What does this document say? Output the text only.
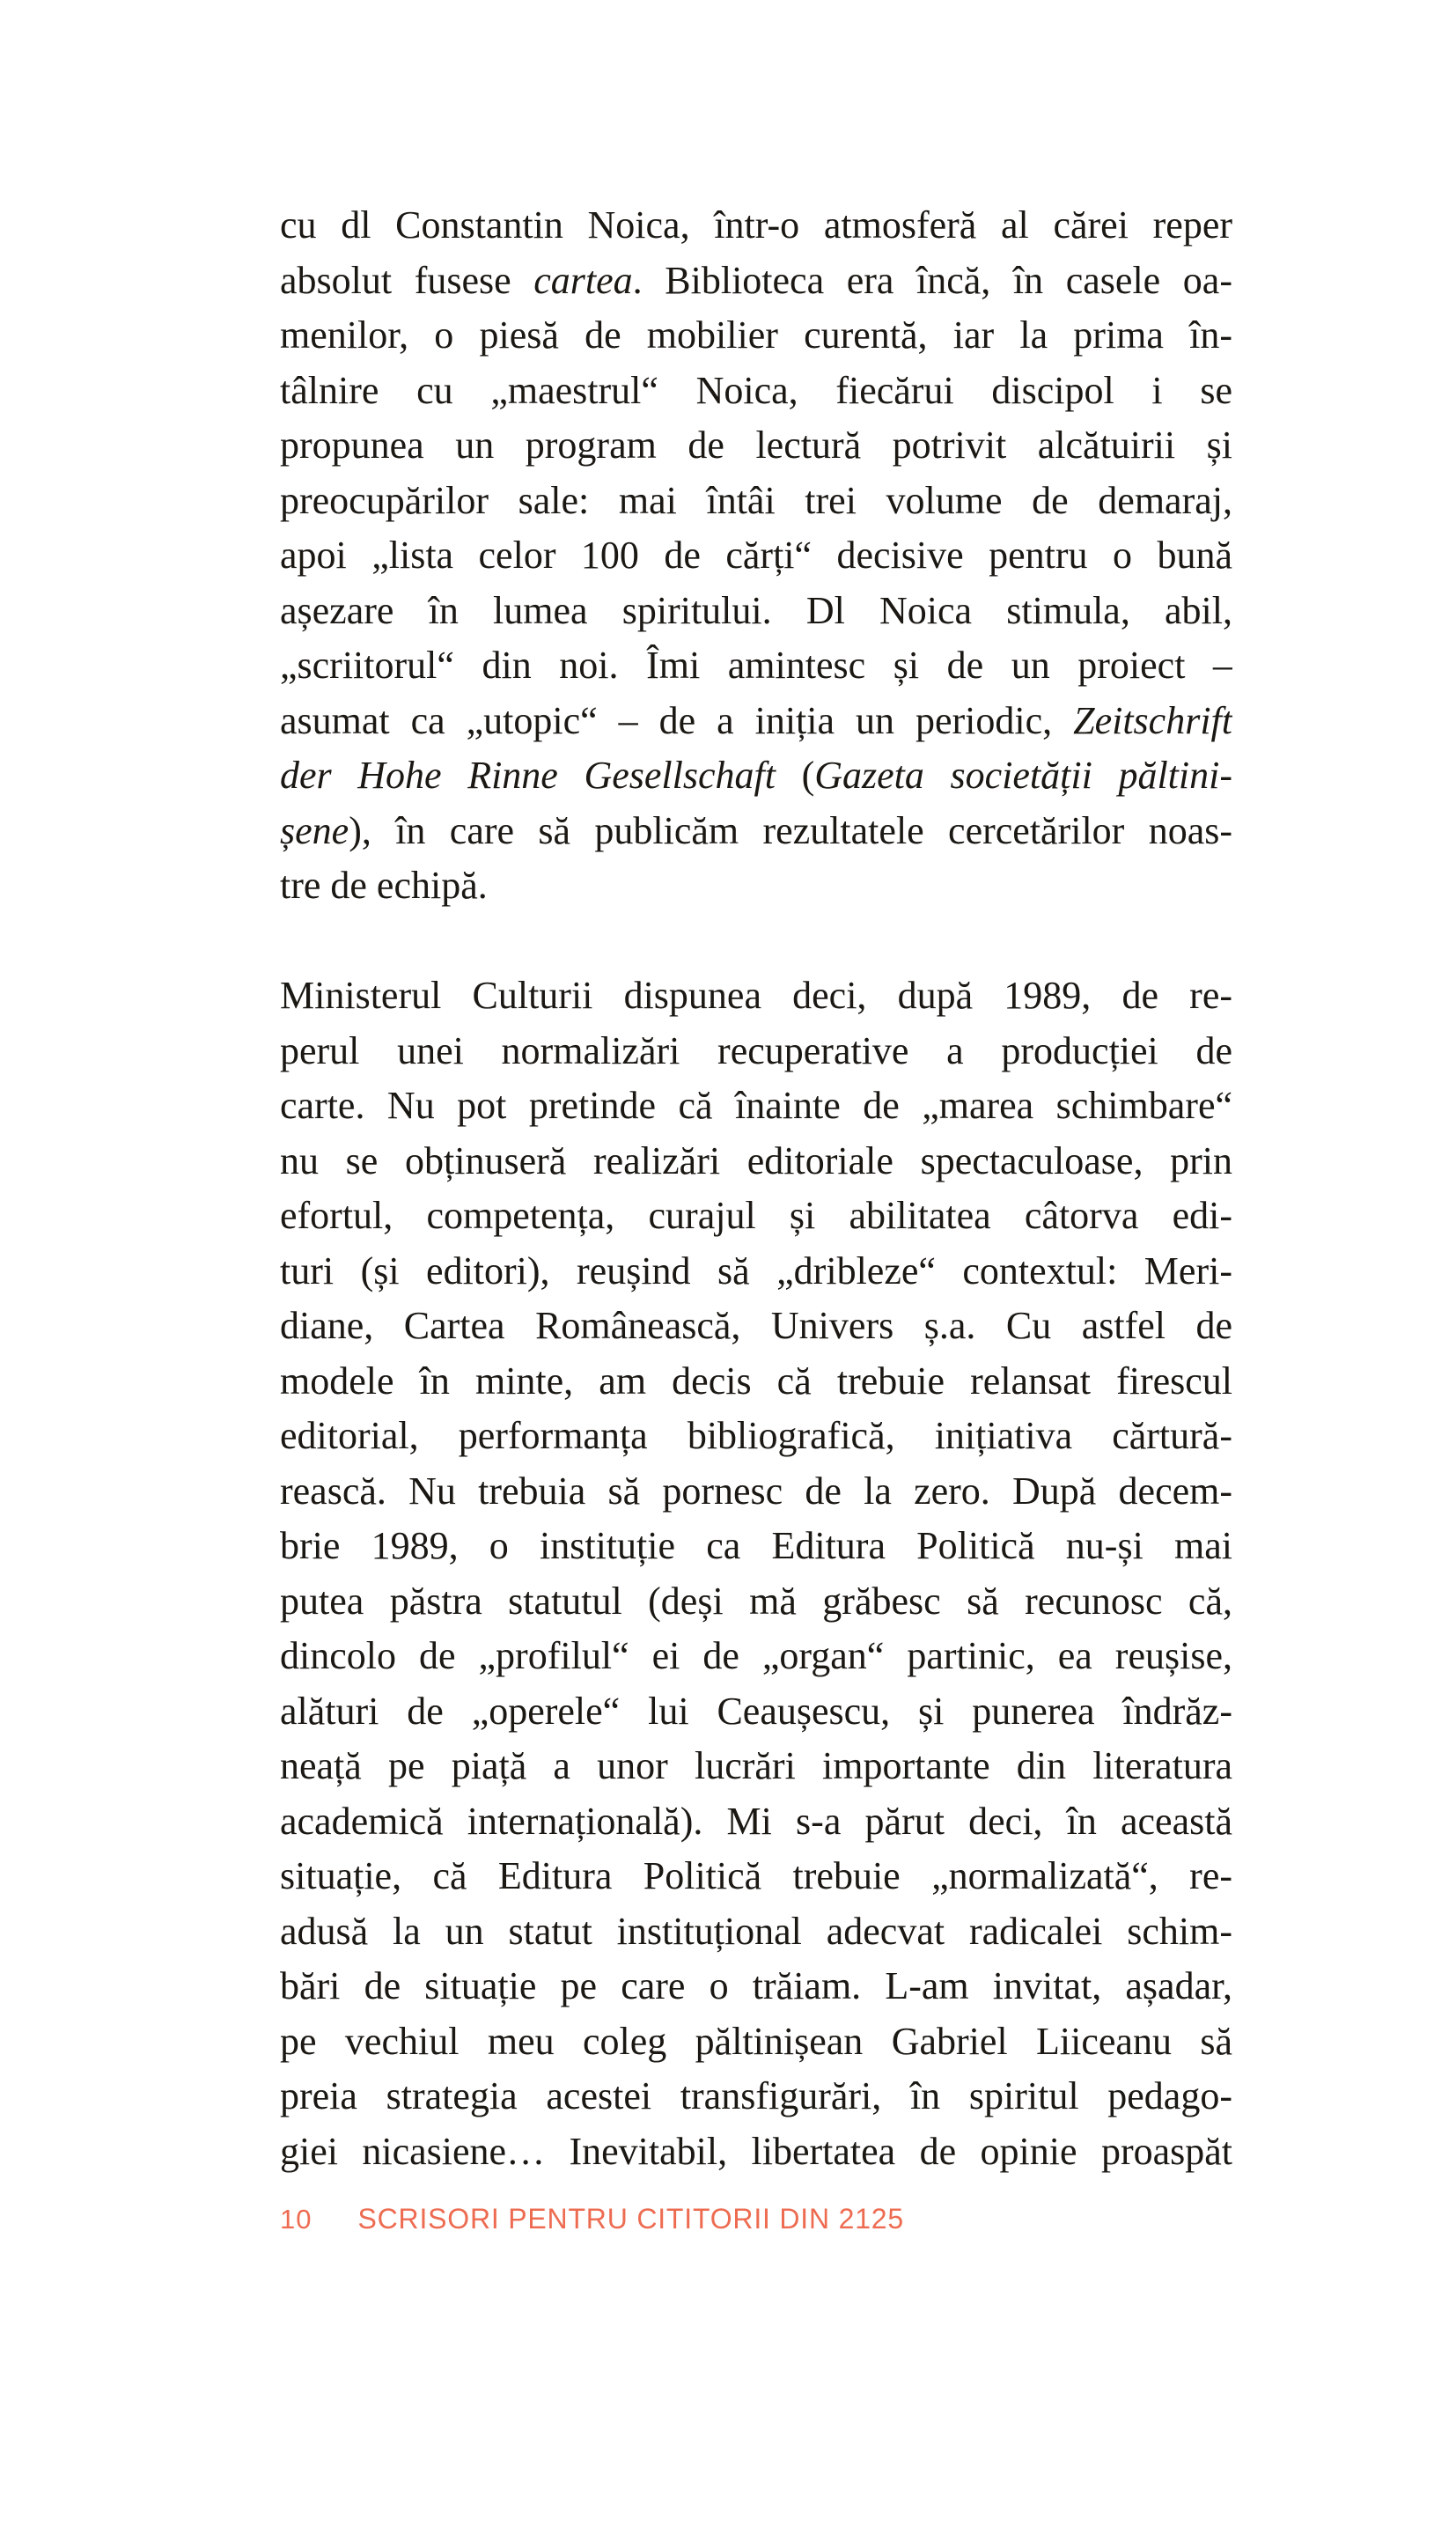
cu dl Constantin Noica, într-o atmosferă al cărei reper
absolut fusese cartea. Biblioteca era încă, în casele oa-
menilor, o piesă de mobilier curentă, iar la prima în-
tâlnire cu „maestrul“ Noica, fiecărui discipol i se
propunea un program de lectură potrivit alcătuirii și
preocupărilor sale: mai întâi trei volume de demaraj,
apoi „lista celor 100 de cărți“ decisive pentru o bună
așezare în lumea spiritului. Dl Noica stimula, abil,
„scriitorul“ din noi. Îmi amintesc și de un proiect –
asumat ca „utopic“ – de a iniția un periodic, Zeitschrift
der Hohe Rinne Gesellschaft (Gazeta societății păltini-
șene), în care să publicăm rezultatele cercetărilor noas-
tre de echipă.
Ministerul Culturii dispunea deci, după 1989, de re-
perul unei normalizări recuperative a producției de
carte. Nu pot pretinde că înainte de „marea schimbare“
nu se obținuseră realizări editoriale spectaculoase, prin
efortul, competența, curajul și abilitatea câtorva edi-
turi (și editori), reușind să „dribleze“ contextul: Meri-
diane, Cartea Românească, Univers ș.a. Cu astfel de
modele în minte, am decis că trebuie relansat firescul
editorial, performanța bibliografică, inițiativa cărtură-
rească. Nu trebuia să pornesc de la zero. După decem-
brie 1989, o instituție ca Editura Politică nu-și mai
putea păstra statutul (deși mă grăbesc să recunosc că,
dincolo de „profilul“ ei de „organ“ partinic, ea reușise,
alături de „operele“ lui Ceaușescu, și punerea îndrăz-
neață pe piață a unor lucrări importante din literatura
academică internațională). Mi s-a părut deci, în această
situație, că Editura Politică trebuie „normalizată“, re-
adusă la un statut instituțional adecvat radicalei schim-
bări de situație pe care o trăiam. L-am invitat, așadar,
pe vechiul meu coleg păltinișean Gabriel Liiceanu să
preia strategia acestei transfigurări, în spiritul pedago-
giei nicasiene… Inevitabil, libertatea de opinie proaspăt
10 SCRISORI PENTRU CITITORII DIN 2125
